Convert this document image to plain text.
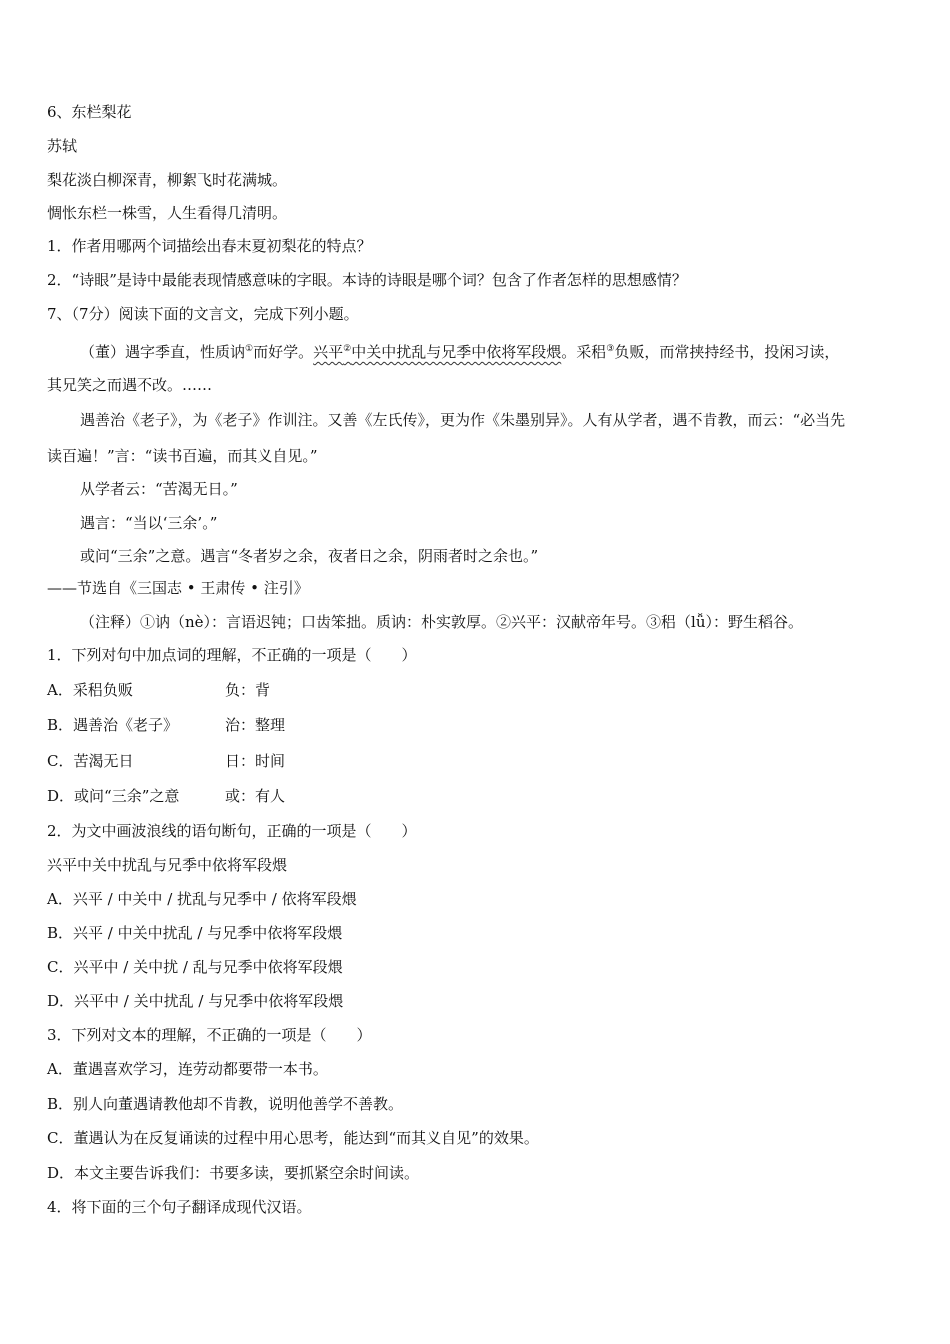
6、东栏梨花
苏轼
梨花淡白柳深青，柳絮飞时花满城。
惆怅东栏一株雪，人生看得几清明。
1．作者用哪两个词描绘出春末夏初梨花的特点？
2．“诗眼”是诗中最能表现情感意味的字眼。本诗的诗眼是哪个词？包含了作者怎样的思想感情？
7、（7分）阅读下面的文言文，完成下列小题。
（董）遇字季直，性质讷①而好学。兴平②中关中扰乱与兄季中依将军段煨。采稆③负贩，而常挟持经书，投闲习读，
其兄笑之而遇不改。……
遇善治《老子》，为《老子》作训注。又善《左氏传》，更为作《朱墨别异》。人有从学者，遇不肯教，而云：“必当先
读百遍！”言：“读书百遍，而其义自见。”
从学者云：“苦渴无日。”
遇言：“当以‘三余’。”
或问“三余”之意。遇言“冬者岁之余，夜者日之余，阴雨者时之余也。”
——节选自《三国志 • 王肃传 • 注引》
（注释）①讷（nè）：言语迟钝；口齿笨拙。质讷：朴实敦厚。②兴平：汉献帝年号。③稆（lǚ）：野生稻谷。
1．下列对句中加点词的理解，不正确的一项是（　　）
A．采稆负贩	负：背
B．遇善治《老子》	治：整理
C．苦渴无日	日：时间
D．或问“三余”之意	或：有人
2．为文中画波浪线的语句断句，正确的一项是（　　）
兴平中关中扰乱与兄季中依将军段煨
A．兴平 / 中关中 / 扰乱与兄季中 / 依将军段煨
B．兴平 / 中关中扰乱 / 与兄季中依将军段煨
C．兴平中 / 关中扰 / 乱与兄季中依将军段煨
D．兴平中 / 关中扰乱 / 与兄季中依将军段煨
3．下列对文本的理解，不正确的一项是（　　）
A．董遇喜欢学习，连劳动都要带一本书。
B．别人向董遇请教他却不肯教，说明他善学不善教。
C．董遇认为在反复诵读的过程中用心思考，能达到“而其义自见”的效果。
D．本文主要告诉我们：书要多读，要抓紧空余时间读。
4．将下面的三个句子翻译成现代汉语。
